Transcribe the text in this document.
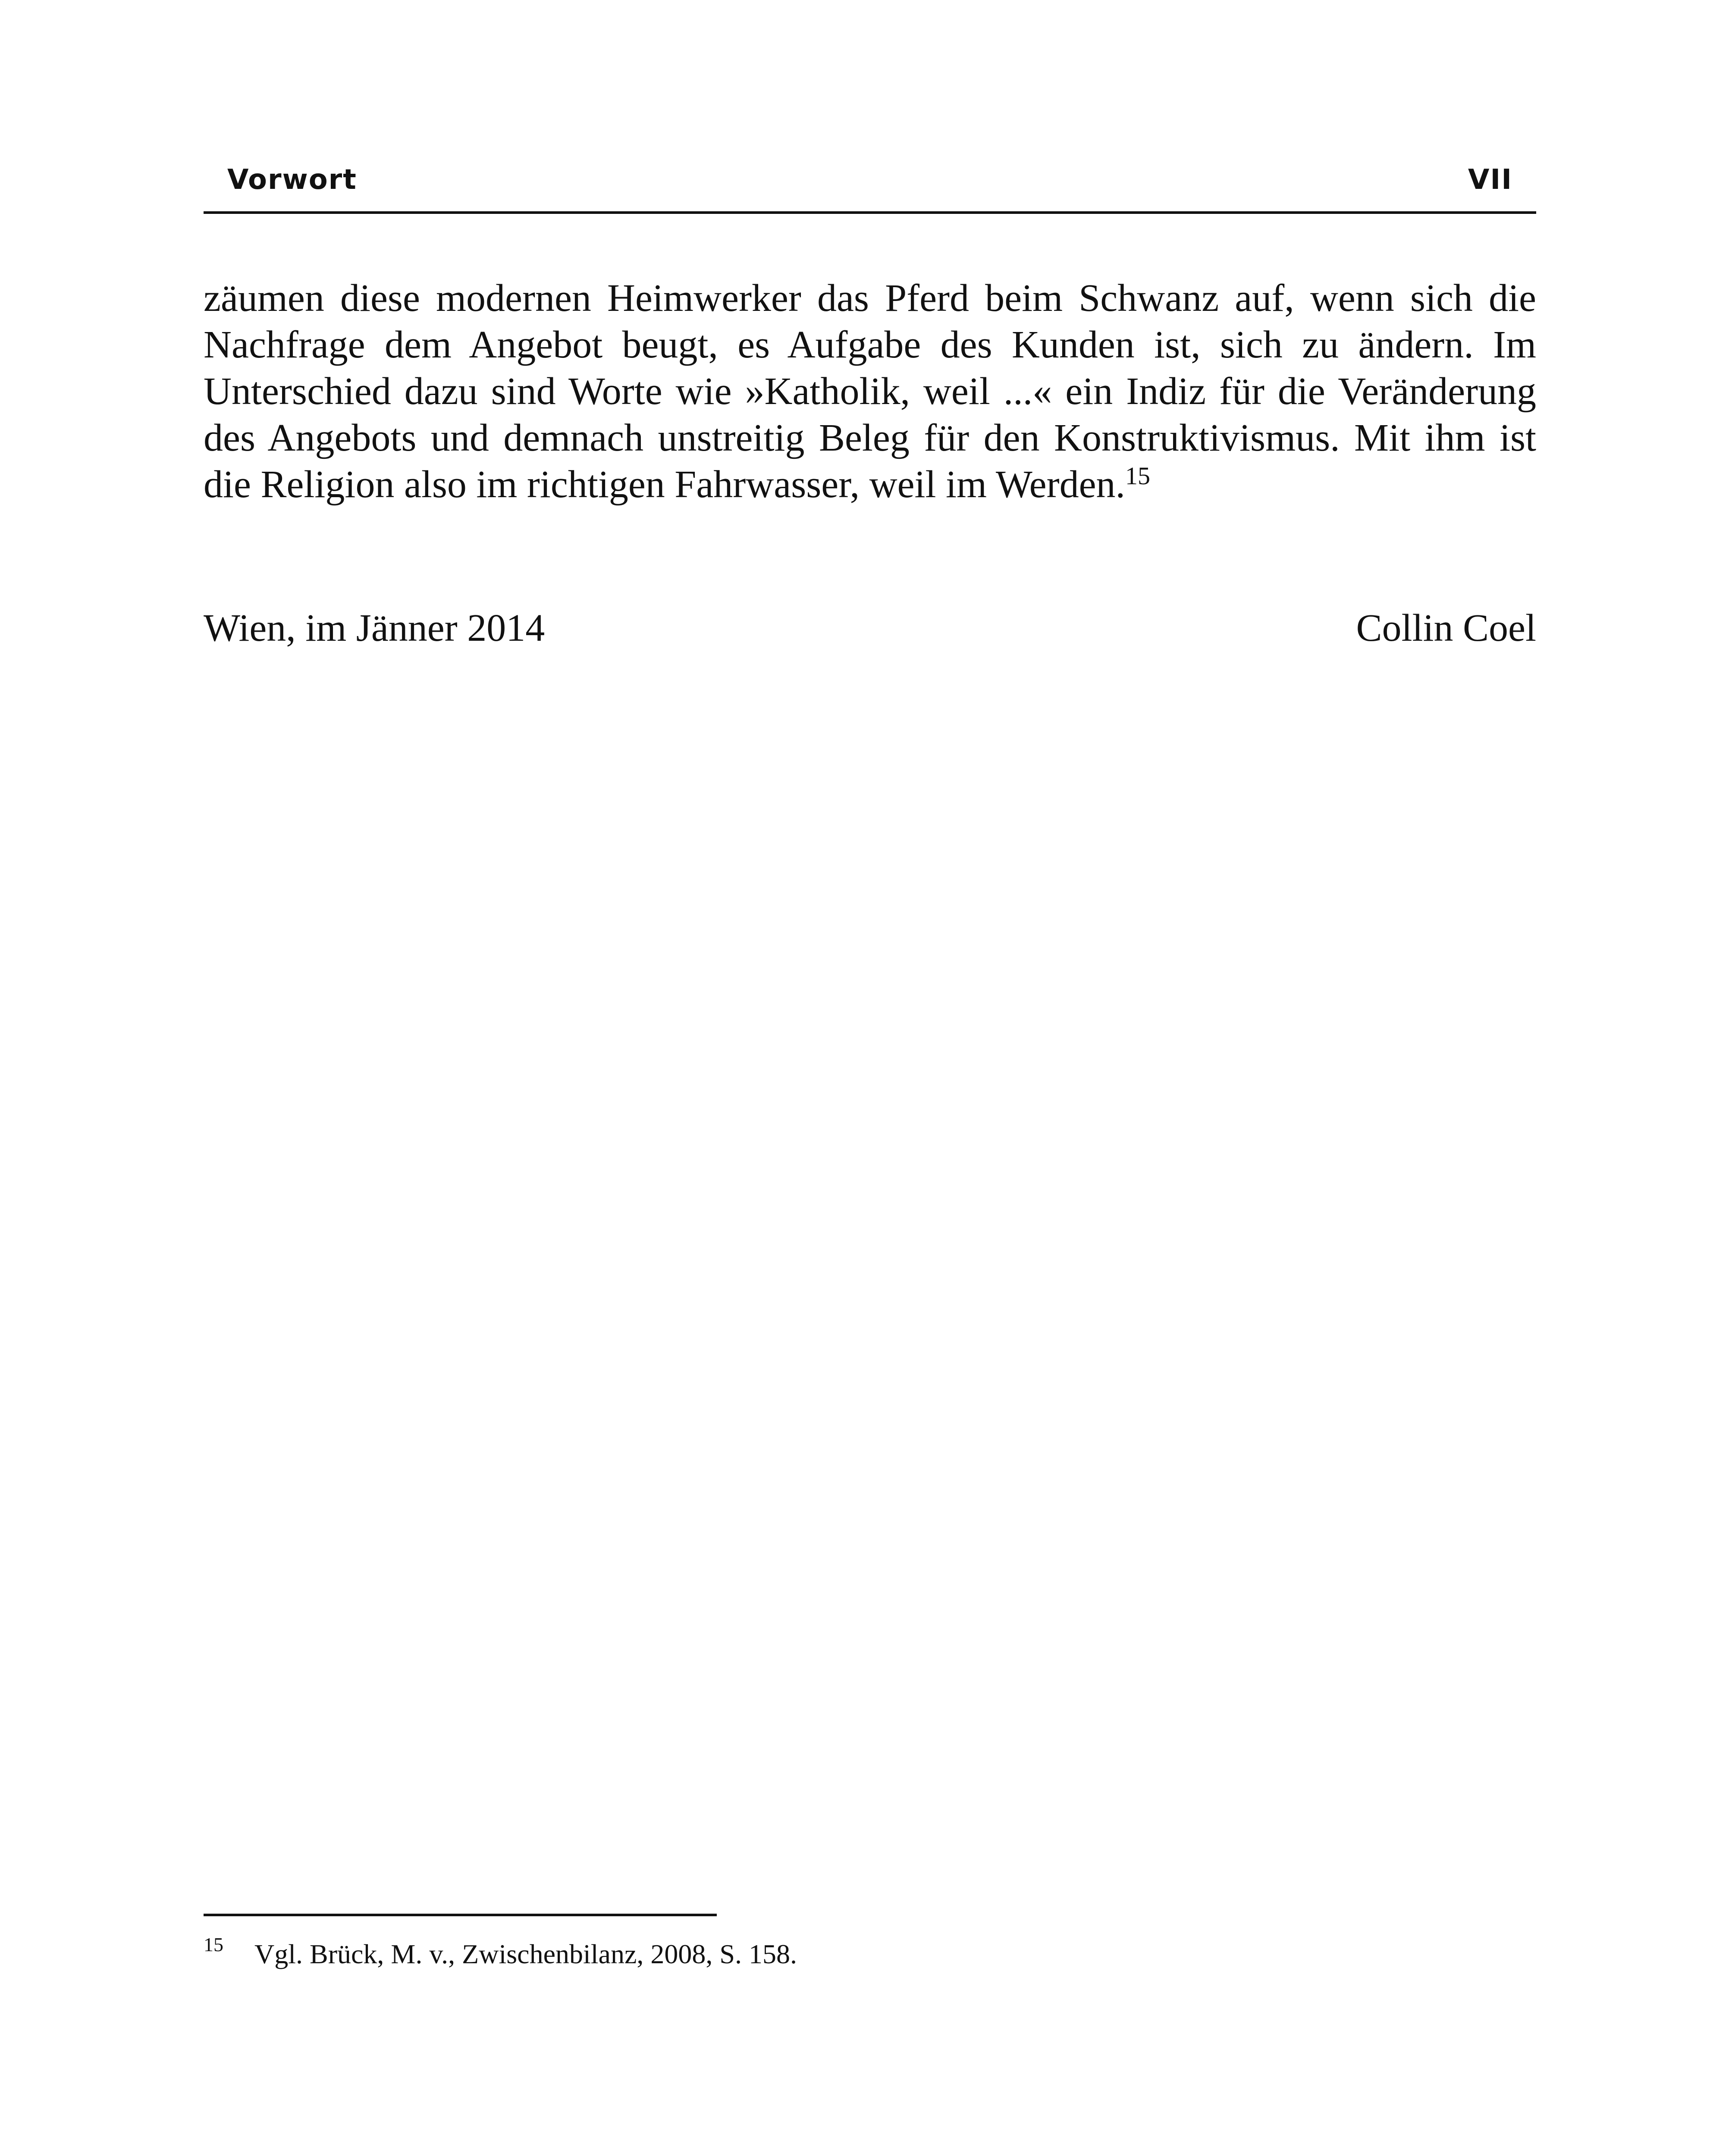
Vorwort	VII

zäumen diese modernen Heimwerker das Pferd beim Schwanz auf, wenn sich die Nachfrage dem Angebot beugt, es Aufgabe des Kunden ist, sich zu ändern. Im Unterschied dazu sind Worte wie »Katholik, weil ...« ein Indiz für die Veränderung des Angebots und demnach unstreitig Beleg für den Konstruktivismus. Mit ihm ist die Religion also im richtigen Fahrwasser, weil im Werden.$^{15}$

Wien, im Jänner 2014	Collin Coel
15 Vgl. Brück, M. v., Zwischenbilanz, 2008, S. 158.
